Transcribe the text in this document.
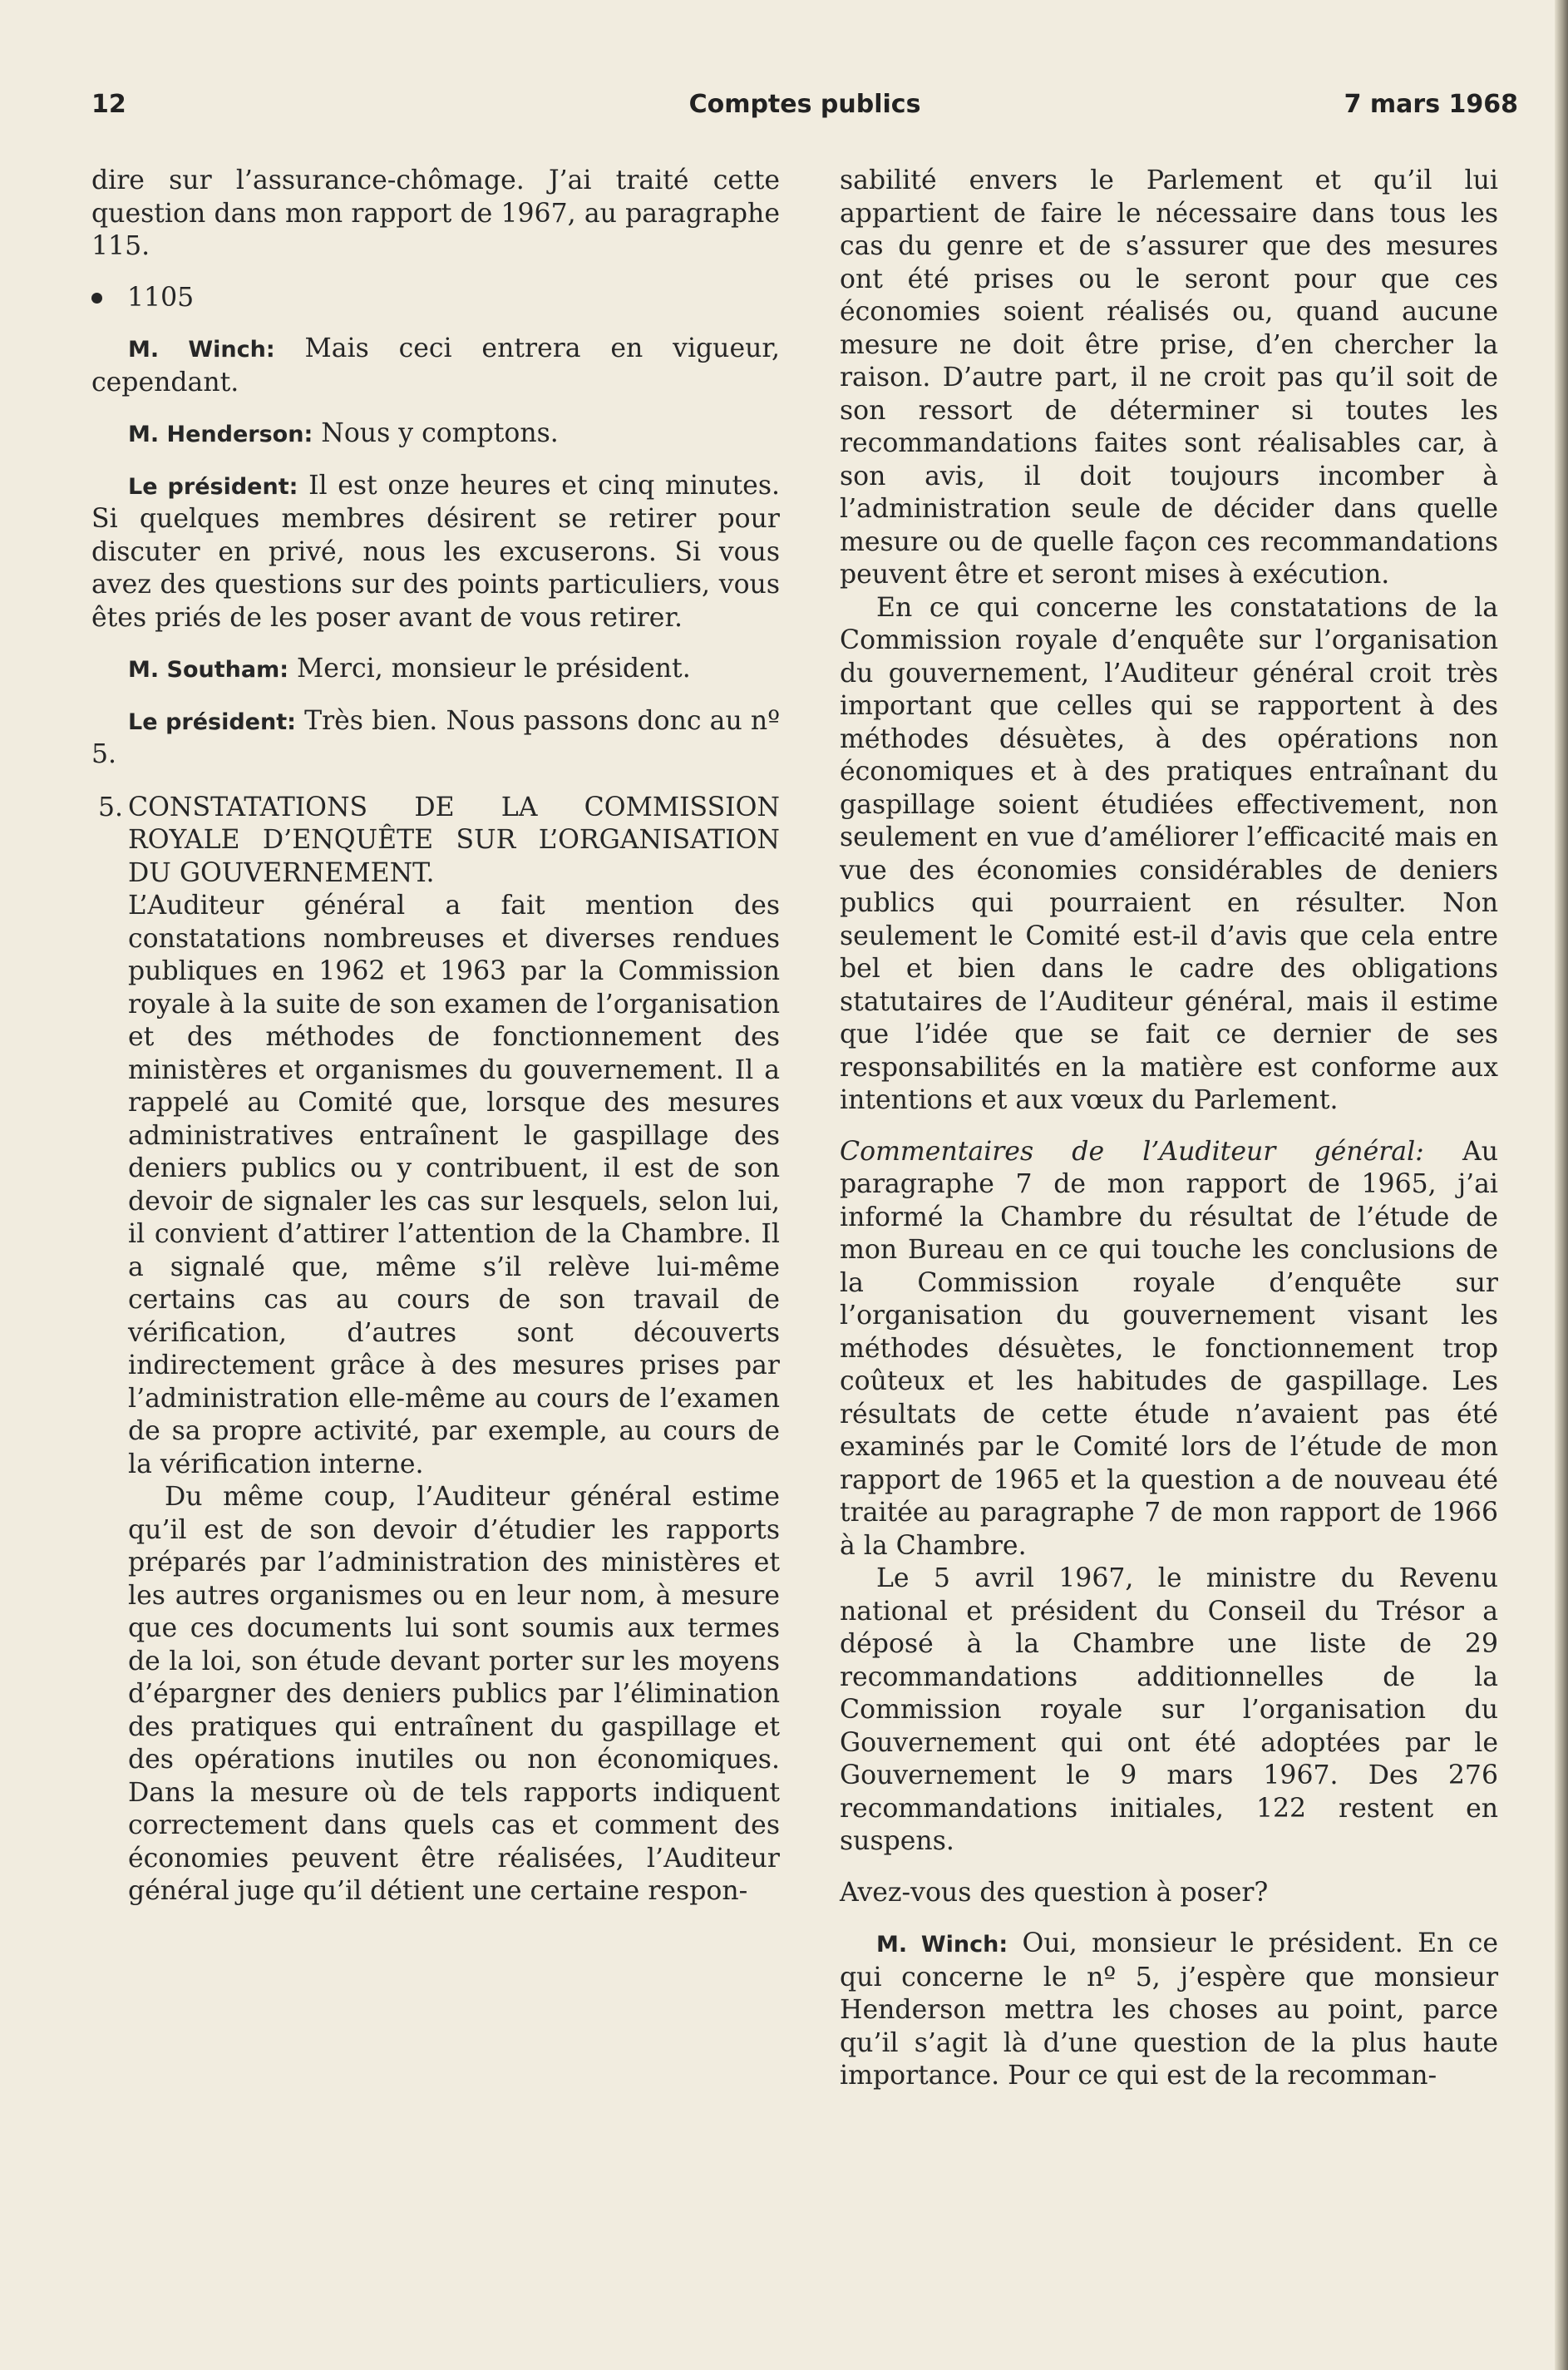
12	Comptes publics	7 mars 1968

dire sur l’assurance-chômage. J’ai traité cette question dans mon rapport de 1967, au paragraphe 115.

1105

M. Winch: Mais ceci entrera en vigueur, cependant.

M. Henderson: Nous y comptons.

Le président: Il est onze heures et cinq minutes. Si quelques membres désirent se retirer pour discuter en privé, nous les excuserons. Si vous avez des questions sur des points particuliers, vous êtes priés de les poser avant de vous retirer.

M. Southam: Merci, monsieur le président.

Le président: Très bien. Nous passons donc au nº 5.

5. CONSTATATIONS DE LA COMMISSION ROYALE D’ENQUÊTE SUR L’ORGANISATION DU GOUVERNEMENT.

L’Auditeur général a fait mention des constatations nombreuses et diverses rendues publiques en 1962 et 1963 par la Commission royale à la suite de son examen de l’organisation et des méthodes de fonctionnement des ministères et organismes du gouvernement. Il a rappelé au Comité que, lorsque des mesures administratives entraînent le gaspillage des deniers publics ou y contribuent, il est de son devoir de signaler les cas sur lesquels, selon lui, il convient d’attirer l’attention de la Chambre. Il a signalé que, même s’il relève lui-même certains cas au cours de son travail de vérification, d’autres sont découverts indirectement grâce à des mesures prises par l’administration elle-même au cours de l’examen de sa propre activité, par exemple, au cours de la vérification interne.

Du même coup, l’Auditeur général estime qu’il est de son devoir d’étudier les rapports préparés par l’administration des ministères et les autres organismes ou en leur nom, à mesure que ces documents lui sont soumis aux termes de la loi, son étude devant porter sur les moyens d’épargner des deniers publics par l’élimination des pratiques qui entraînent du gaspillage et des opérations inutiles ou non économiques. Dans la mesure où de tels rapports indiquent correctement dans quels cas et comment des économies peuvent être réalisées, l’Auditeur général juge qu’il détient une certaine respon-

sabilité envers le Parlement et qu’il lui appartient de faire le nécessaire dans tous les cas du genre et de s’assurer que des mesures ont été prises ou le seront pour que ces économies soient réalisés ou, quand aucune mesure ne doit être prise, d’en chercher la raison. D’autre part, il ne croit pas qu’il soit de son ressort de déterminer si toutes les recommandations faites sont réalisables car, à son avis, il doit toujours incomber à l’administration seule de décider dans quelle mesure ou de quelle façon ces recommandations peuvent être et seront mises à exécution.

En ce qui concerne les constatations de la Commission royale d’enquête sur l’organisation du gouvernement, l’Auditeur général croit très important que celles qui se rapportent à des méthodes désuètes, à des opérations non économiques et à des pratiques entraînant du gaspillage soient étudiées effectivement, non seulement en vue d’améliorer l’efficacité mais en vue des économies considérables de deniers publics qui pourraient en résulter. Non seulement le Comité est-il d’avis que cela entre bel et bien dans le cadre des obligations statutaires de l’Auditeur général, mais il estime que l’idée que se fait ce dernier de ses responsabilités en la matière est conforme aux intentions et aux vœux du Parlement.

Commentaires de l’Auditeur général: Au paragraphe 7 de mon rapport de 1965, j’ai informé la Chambre du résultat de l’étude de mon Bureau en ce qui touche les conclusions de la Commission royale d’enquête sur l’organisation du gouvernement visant les méthodes désuètes, le fonctionnement trop coûteux et les habitudes de gaspillage. Les résultats de cette étude n’avaient pas été examinés par le Comité lors de l’étude de mon rapport de 1965 et la question a de nouveau été traitée au paragraphe 7 de mon rapport de 1966 à la Chambre.

Le 5 avril 1967, le ministre du Revenu national et président du Conseil du Trésor a déposé à la Chambre une liste de 29 recommandations additionnelles de la Commission royale sur l’organisation du Gouvernement qui ont été adoptées par le Gouvernement le 9 mars 1967. Des 276 recommandations initiales, 122 restent en suspens.

Avez-vous des question à poser?

M. Winch: Oui, monsieur le président. En ce qui concerne le nº 5, j’espère que monsieur Henderson mettra les choses au point, parce qu’il s’agit là d’une question de la plus haute importance. Pour ce qui est de la recomman-
